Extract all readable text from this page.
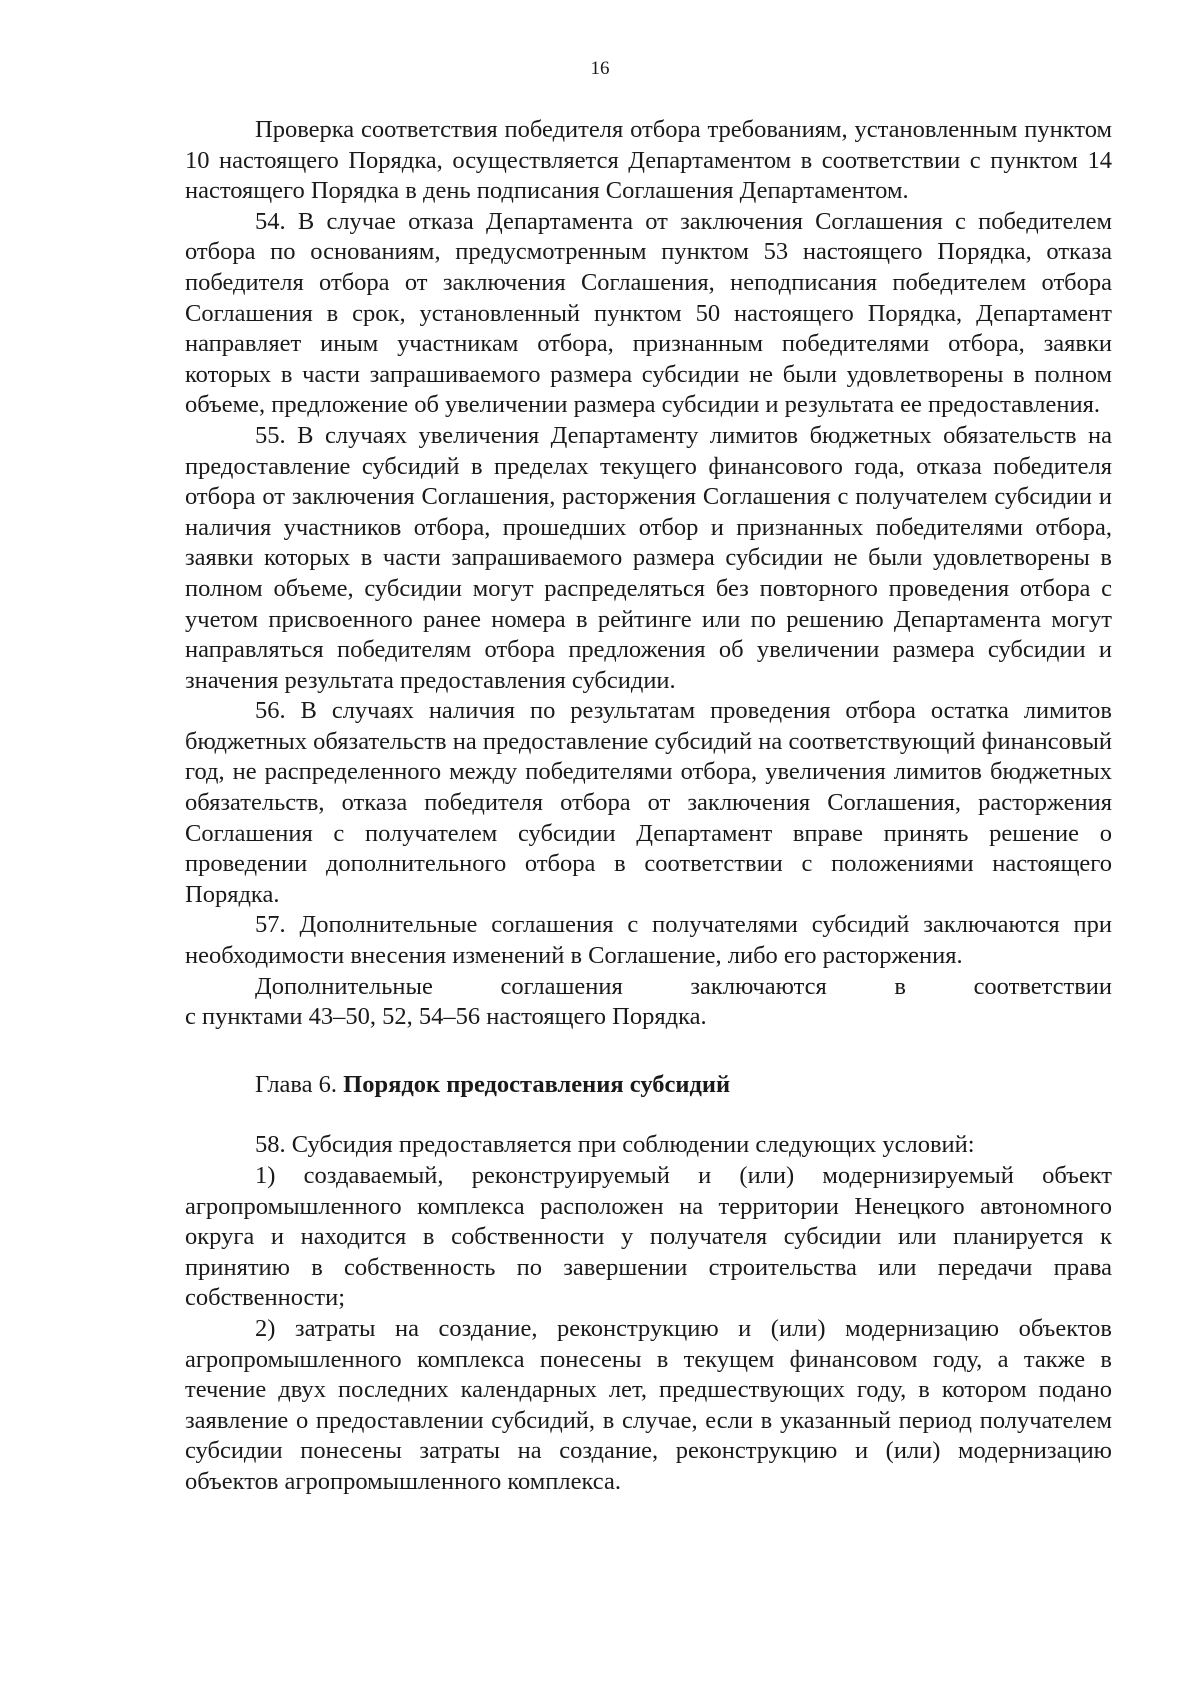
16

Проверка соответствия победителя отбора требованиям, установленным пунктом 10 настоящего Порядка, осуществляется Департаментом в соответствии с пунктом 14 настоящего Порядка в день подписания Соглашения Департаментом.

54. В случае отказа Департамента от заключения Соглашения с победителем отбора по основаниям, предусмотренным пунктом 53 настоящего Порядка, отказа победителя отбора от заключения Соглашения, неподписания победителем отбора Соглашения в срок, установленный пунктом 50 настоящего Порядка, Департамент направляет иным участникам отбора, признанным победителями отбора, заявки которых в части запрашиваемого размера субсидии не были удовлетворены в полном объеме, предложение об увеличении размера субсидии и результата ее предоставления.

55. В случаях увеличения Департаменту лимитов бюджетных обязательств на предоставление субсидий в пределах текущего финансового года, отказа победителя отбора от заключения Соглашения, расторжения Соглашения с получателем субсидии и наличия участников отбора, прошедших отбор и признанных победителями отбора, заявки которых в части запрашиваемого размера субсидии не были удовлетворены в полном объеме, субсидии могут распределяться без повторного проведения отбора с учетом присвоенного ранее номера в рейтинге или по решению Департамента могут направляться победителям отбора предложения об увеличении размера субсидии и значения результата предоставления субсидии.

56. В случаях наличия по результатам проведения отбора остатка лимитов бюджетных обязательств на предоставление субсидий на соответствующий финансовый год, не распределенного между победителями отбора, увеличения лимитов бюджетных обязательств, отказа победителя отбора от заключения Соглашения, расторжения Соглашения с получателем субсидии Департамент вправе принять решение о проведении дополнительного отбора в соответствии с положениями настоящего Порядка.

57. Дополнительные соглашения с получателями субсидий заключаются при необходимости внесения изменений в Соглашение, либо его расторжения.

Дополнительные	соглашения	заключаются	в	соответствии

с пунктами 43–50, 52, 54–56 настоящего Порядка.

Глава 6. Порядок предоставления субсидий

58. Субсидия предоставляется при соблюдении следующих условий:

1) создаваемый, реконструируемый и (или) модернизируемый объект агропромышленного комплекса расположен на территории Ненецкого автономного округа и находится в собственности у получателя субсидии или планируется к принятию в собственность по завершении строительства или передачи права собственности;

2) затраты на создание, реконструкцию и (или) модернизацию объектов агропромышленного комплекса понесены в текущем финансовом году, а также в течение двух последних календарных лет, предшествующих году, в котором подано заявление о предоставлении субсидий, в случае, если в указанный период получателем субсидии понесены затраты на создание, реконструкцию и (или) модернизацию объектов агропромышленного комплекса.
